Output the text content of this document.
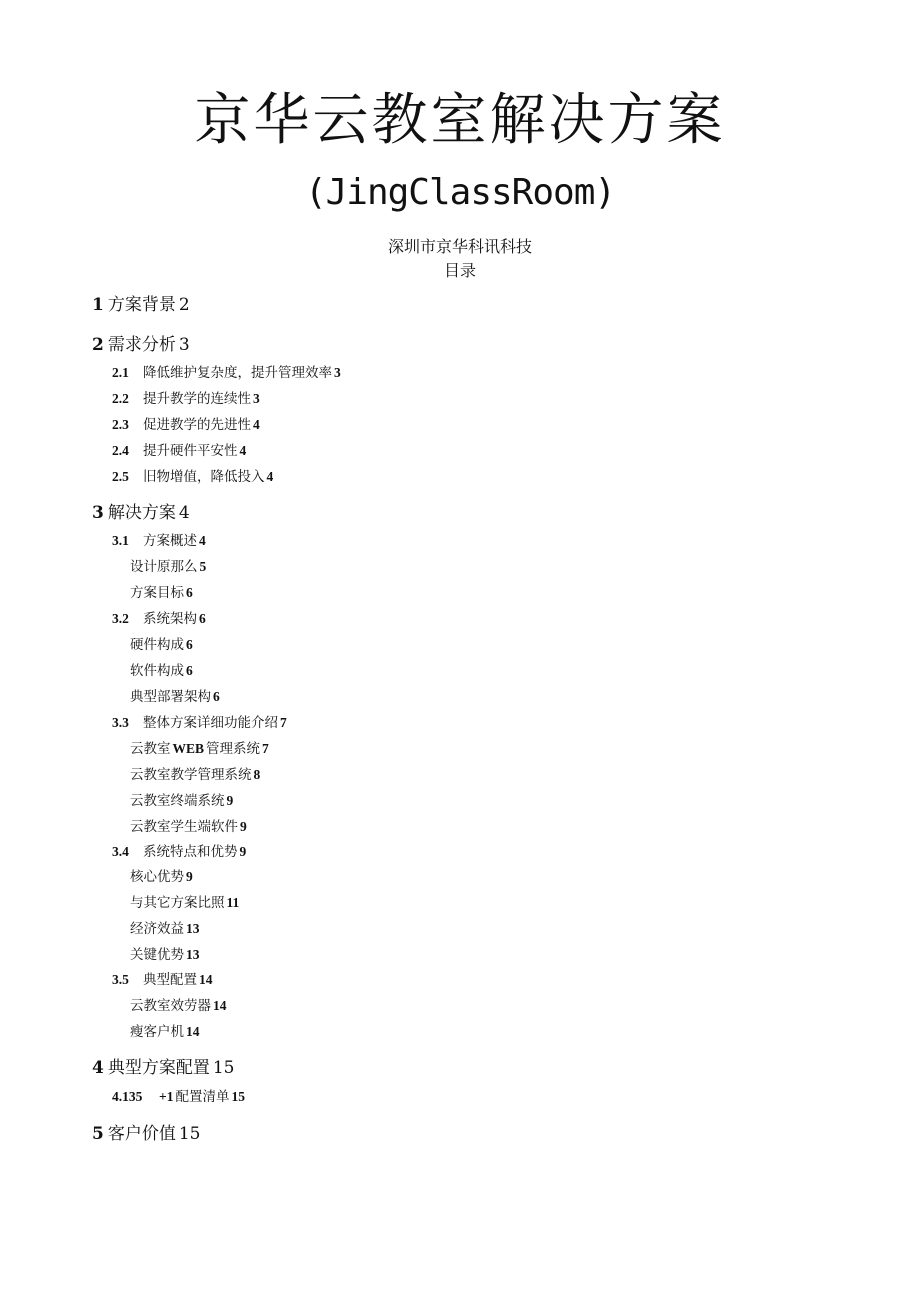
京华云教室解决方案
(JingClassRoom)
深圳市京华科讯科技
目录
1 方案背景 2
2 需求分析 3
2.1 降低维护复杂度，提升管理效率 3
2.2 提升教学的连续性 3
2.3 促进教学的先进性 4
2.4 提升硬件平安性 4
2.5 旧物增值，降低投入 4
3 解决方案 4
3.1 方案概述 4
设计原那么 5
方案目标 6
3.2 系统架构 6
硬件构成 6
软件构成 6
典型部署架构 6
3.3 整体方案详细功能介绍 7
云教室 WEB 管理系统 7
云教室教学管理系统 8
云教室终端系统 9
云教室学生端软件 9
3.4 系统特点和优势 9
核心优势 9
与其它方案比照 11
经济效益 13
关键优势 13
3.5 典型配置 14
云教室效劳器 14
瘦客户机 14
4 典型方案配置 15
4.135 +1 配置清单 15
5 客户价值 15
